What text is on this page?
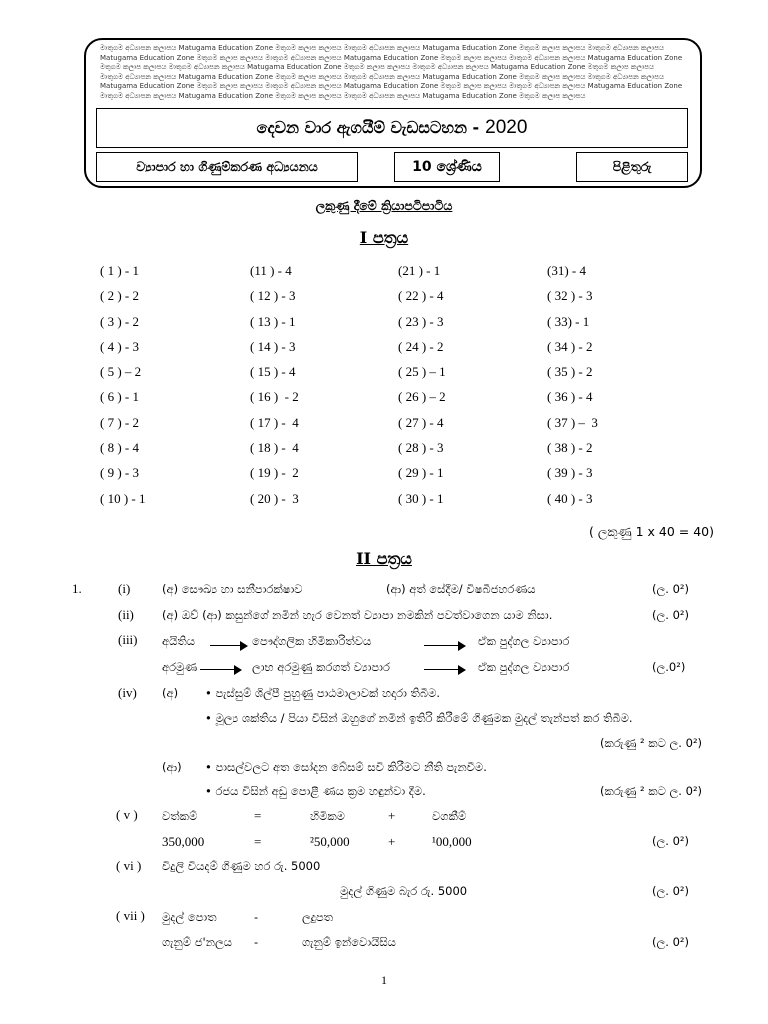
මාතුගම අධ්‍යාපන කලාපය Matugama Education Zone මතුගම කලාප කලාපය මාතුගම අධ්‍යාපන කලාපය Matugama Education Zone මතුගම කලාප කලාපය මාතුගම අධ්‍යාපන කලාපය
Matugama Education Zone මතුගම කලාප කලාපය මාතුගම අධ්‍යාපන කලාපය Matugama Education Zone මතුගම කලාප කලාපය මාතුගම අධ්‍යාපන කලාපය Matugama Education Zone
මතුගම කලාප කලාපය මාතුගම අධ්‍යාපන කලාපය Matugama Education Zone මතුගම කලාප කලාපය මාතුගම අධ්‍යාපන කලාපය Matugama Education Zone මතුගම කලාප කලාපය
මාතුගම අධ්‍යාපන කලාපය Matugama Education Zone මතුගම කලාප කලාපය මාතුගම අධ්‍යාපන කලාපය Matugama Education Zone මතුගම කලාප කලාපය මාතුගම අධ්‍යාපන කලාපය
Matugama Education Zone මතුගම කලාප කලාපය මාතුගම අධ්‍යාපන කලාපය Matugama Education Zone මතුගම කලාප කලාපය මාතුගම අධ්‍යාපන කලාපය Matugama Education Zone
මාතුගම අධ්‍යාපන කලාපය Matugama Education Zone මතුගම කලාප කලාපය මාතුගම අධ්‍යාපන කලාපය Matugama Education Zone මතුගම කලාප කලාපය
දෙවන වාර ඇගයීම් වැඩසටහන - 2020
ව්‍යාපාර හා ගිණුම්කරණ අධ්‍යයනය	10 ශ්‍රේණිය	පිළිතුරු
ලකුණු දීමේ ක්‍රියාපටිපාටිය
I පත්‍රය
( 1 ) - 1	(11 ) - 4	(21 ) - 1	(31) - 4
( 2 ) - 2	( 12 ) - 3	( 22 ) - 4	( 32 ) - 3
( 3 ) - 2	( 13 ) - 1	( 23 ) - 3	( 33) - 1
( 4 ) - 3	( 14 ) - 3	( 24 ) - 2	( 34 ) - 2
( 5 ) – 2	( 15 ) - 4	( 25 ) – 1	( 35 ) - 2
( 6 ) - 1	( 16 )  - 2	( 26 ) – 2	( 36 ) - 4
( 7 ) - 2	( 17 ) -  4	( 27 ) - 4	( 37 ) –  3
( 8 ) - 4	( 18 ) -  4	( 28 ) - 3	( 38 ) - 2
( 9 ) - 3	( 19 ) -  2	( 29 ) - 1	( 39 ) - 3
( 10 ) - 1	( 20 ) -  3	( 30 ) - 1	( 40 ) - 3
( ලකුණු 1 x 40 = 40)
II පත්‍රය
1.	(i)	(අ) සෞඛ්‍ය හා සනීපාරක්ෂාව	(ආ) අත් සේදීම/ විෂබීජහරණය	(ල. 0²)
(ii) (අ) ඔව් (ආ) කසුන්ගේ නමින් හැර වෙනත් ව්‍යාපා නමකින් පවත්වාගෙන යාම නිසා.	(ල. 0²)
(iii) අයිතිය	පෞද්ගලික හිමිකාරිත්වය	ඒක පුද්ගල ව්‍යාපාර
අරමුණ	ලාභ අරමුණු කරගත් ව්‍යාපාර	ඒක පුද්ගල ව්‍යාපාර	(ල.0²)
(iv) (අ) • පැස්සුම් ශිල්පී පුහුණු පාඨමාලාවක් හදාරා තිබීම.
• මූල්‍ය ශක්තිය / පියා විසින් ඔහුගේ නමින් ඉතිරි කිරීමේ ගිණුමක මුදල් තැන්පත් කර තිබීම.
(කරුණු ² කට ල. 0²)
(ආ) • පාසල්වලට අත සෝදන බේසම් සවි කිරීමට නීති පැනවීම.
• රජය විසින් අඩු පොළී ණය ක්‍රම හඳුන්වා දීම.	(කරුණු ² කට ල. 0²)
( v ) වත්කම්	=	හිමිකම	+	වගකීම්
350,000	=	²50,000	+	¹00,000	(ල. 0²)
( vi ) විදුලි වියදම් ගිණුම හර රු. 5000
මුදල් ගිණුම බැර රු. 5000	(ල. 0²)
( vii ) මුදල් පොත	-	ලදුපත
ගැනුම් ජ'නලය -	ගැනුම් ඉන්වොයිසිය	(ල. 0²)
1
